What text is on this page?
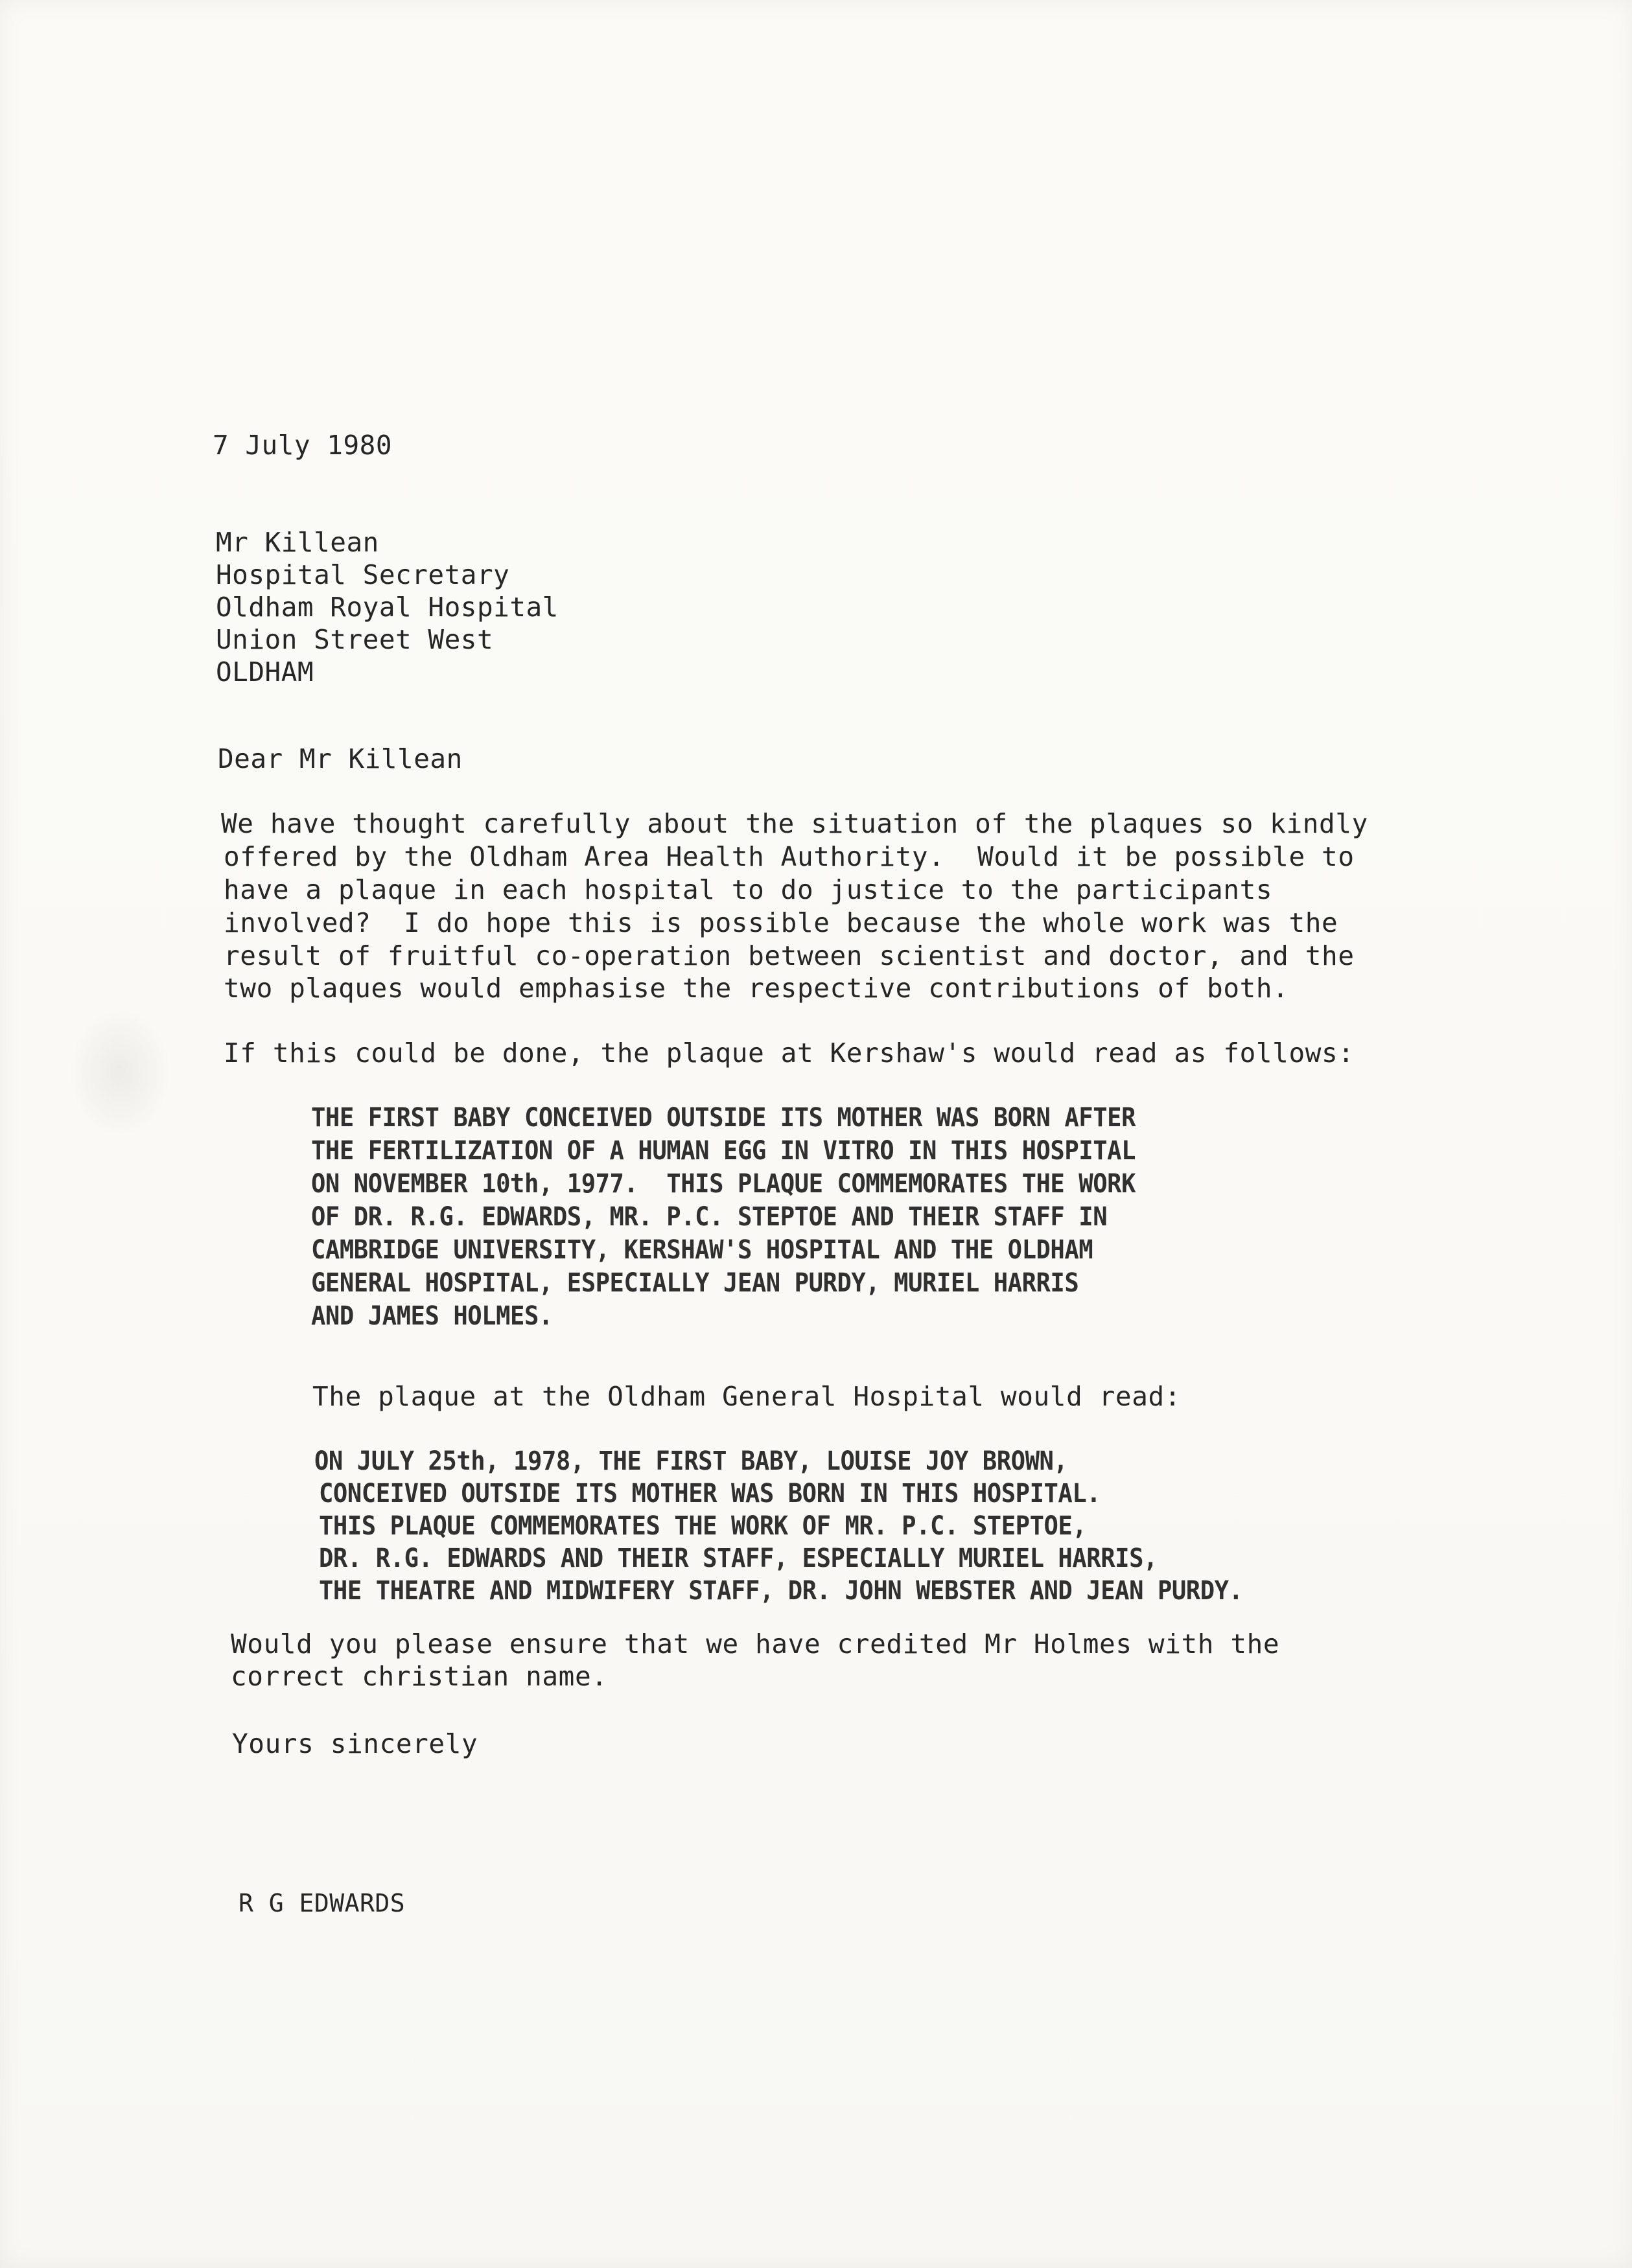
7 July 1980
Mr Killean
Hospital Secretary
Oldham Royal Hospital
Union Street West
OLDHAM
Dear Mr Killean
We have thought carefully about the situation of the plaques so kindly
offered by the Oldham Area Health Authority.  Would it be possible to
have a plaque in each hospital to do justice to the participants
involved?  I do hope this is possible because the whole work was the
result of fruitful co-operation between scientist and doctor, and the
two plaques would emphasise the respective contributions of both.
If this could be done, the plaque at Kershaw's would read as follows:
THE FIRST BABY CONCEIVED OUTSIDE ITS MOTHER WAS BORN AFTER
THE FERTILIZATION OF A HUMAN EGG IN VITRO IN THIS HOSPITAL
ON NOVEMBER 10th, 1977.  THIS PLAQUE COMMEMORATES THE WORK
OF DR. R.G. EDWARDS, MR. P.C. STEPTOE AND THEIR STAFF IN
CAMBRIDGE UNIVERSITY, KERSHAW'S HOSPITAL AND THE OLDHAM
GENERAL HOSPITAL, ESPECIALLY JEAN PURDY, MURIEL HARRIS
AND JAMES HOLMES.
The plaque at the Oldham General Hospital would read:
ON JULY 25th, 1978, THE FIRST BABY, LOUISE JOY BROWN,
CONCEIVED OUTSIDE ITS MOTHER WAS BORN IN THIS HOSPITAL.
THIS PLAQUE COMMEMORATES THE WORK OF MR. P.C. STEPTOE,
DR. R.G. EDWARDS AND THEIR STAFF, ESPECIALLY MURIEL HARRIS,
THE THEATRE AND MIDWIFERY STAFF, DR. JOHN WEBSTER AND JEAN PURDY.
Would you please ensure that we have credited Mr Holmes with the
correct christian name.
Yours sincerely
R G EDWARDS
